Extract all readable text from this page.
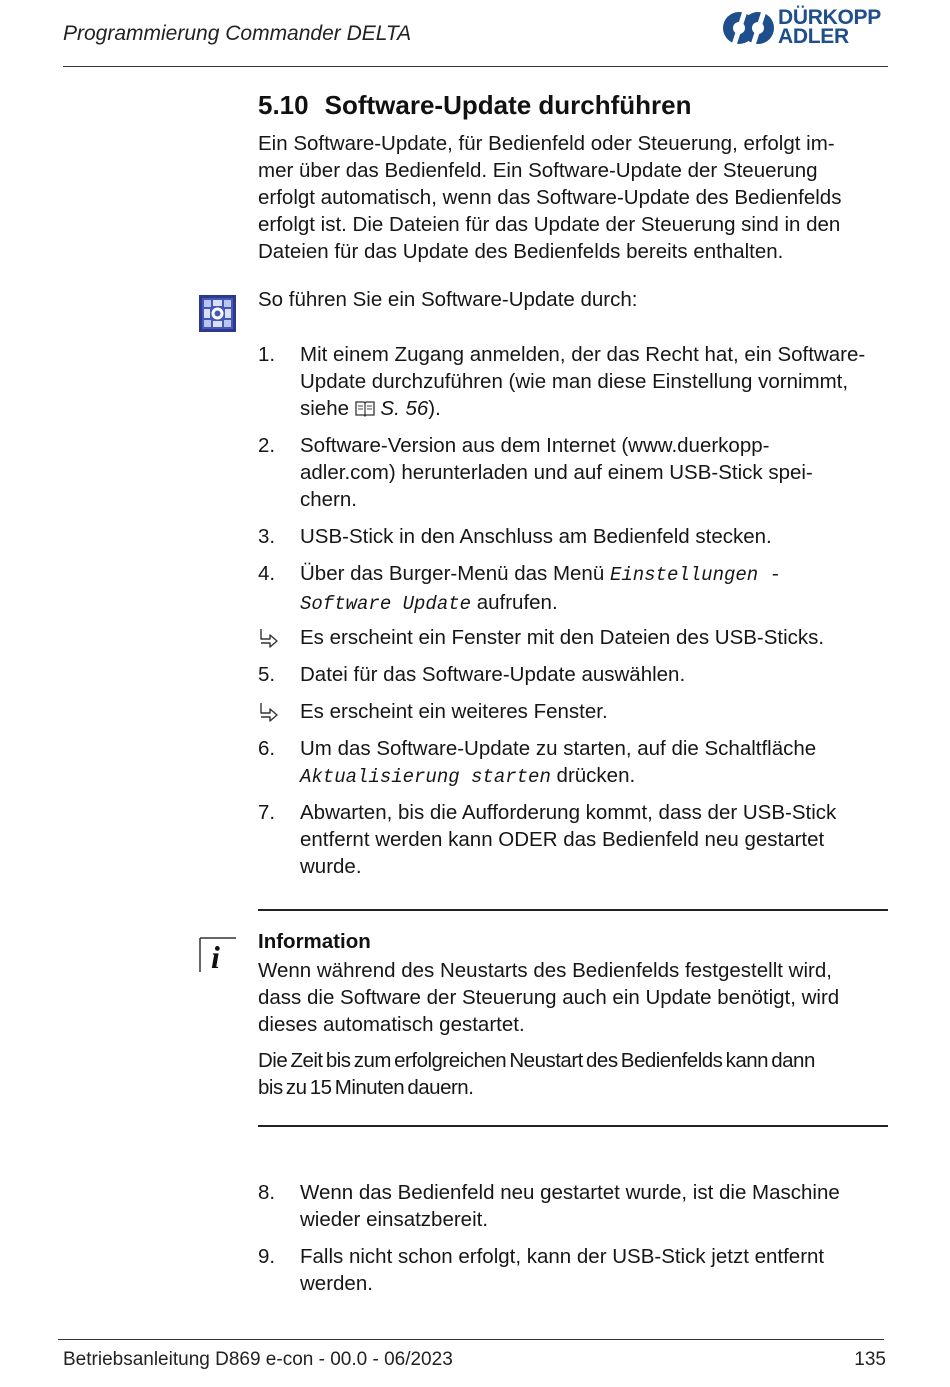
Programmierung Commander DELTA
DÜRKOPP
ADLER
5.10 Software-Update durchführen
Ein Software-Update, für Bedienfeld oder Steuerung, erfolgt im-
mer über das Bedienfeld. Ein Software-Update der Steuerung
erfolgt automatisch, wenn das Software-Update des Bedienfelds
erfolgt ist. Die Dateien für das Update der Steuerung sind in den
Dateien für das Update des Bedienfelds bereits enthalten.
So führen Sie ein Software-Update durch:
1.	Mit einem Zugang anmelden, der das Recht hat, ein Software-
Update durchzuführen (wie man diese Einstellung vornimmt,
siehe S. 56).
2.	Software-Version aus dem Internet (www.duerkopp-
adler.com) herunterladen und auf einem USB-Stick spei-
chern.
3.	USB-Stick in den Anschluss am Bedienfeld stecken.
4.	Über das Burger-Menü das Menü Einstellungen -
Software Update aufrufen.
Es erscheint ein Fenster mit den Dateien des USB-Sticks.
5.	Datei für das Software-Update auswählen.
Es erscheint ein weiteres Fenster.
6.	Um das Software-Update zu starten, auf die Schaltfläche
Aktualisierung starten drücken.
7.	Abwarten, bis die Aufforderung kommt, dass der USB-Stick
entfernt werden kann ODER das Bedienfeld neu gestartet
wurde.
i Information
Wenn während des Neustarts des Bedienfelds festgestellt wird,
dass die Software der Steuerung auch ein Update benötigt, wird
dieses automatisch gestartet.
Die Zeit bis zum erfolgreichen Neustart des Bedienfelds kann dann
bis zu 15 Minuten dauern.
8.	Wenn das Bedienfeld neu gestartet wurde, ist die Maschine
wieder einsatzbereit.
9.	Falls nicht schon erfolgt, kann der USB-Stick jetzt entfernt
werden.
Betriebsanleitung D869 e-con - 00.0 - 06/2023	135
